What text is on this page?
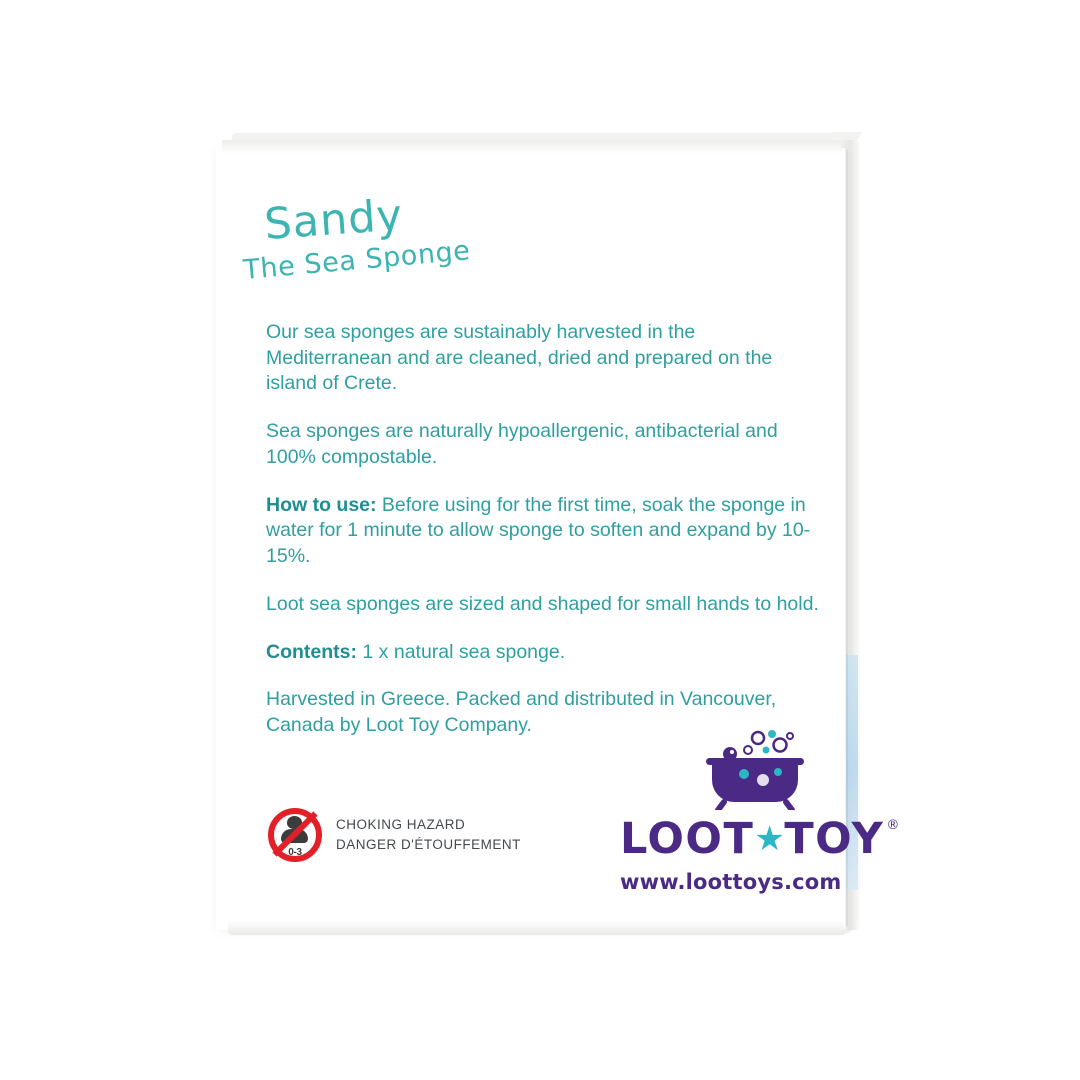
Sandy
The Sea Sponge

Our sea sponges are sustainably harvested in the Mediterranean and are cleaned, dried and prepared on the island of Crete.

Sea sponges are naturally hypoallergenic, antibacterial and 100% compostable.

How to use: Before using for the first time, soak the sponge in water for 1 minute to allow sponge to soften and expand by 10-15%.

Loot sea sponges are sized and shaped for small hands to hold.

Contents: 1 x natural sea sponge.

Harvested in Greece. Packed and distributed in Vancouver, Canada by Loot Toy Company.

0-3
CHOKING HAZARD
DANGER D'ÉTOUFFEMENT LOOT★TOY ®
www.loottoys.com
